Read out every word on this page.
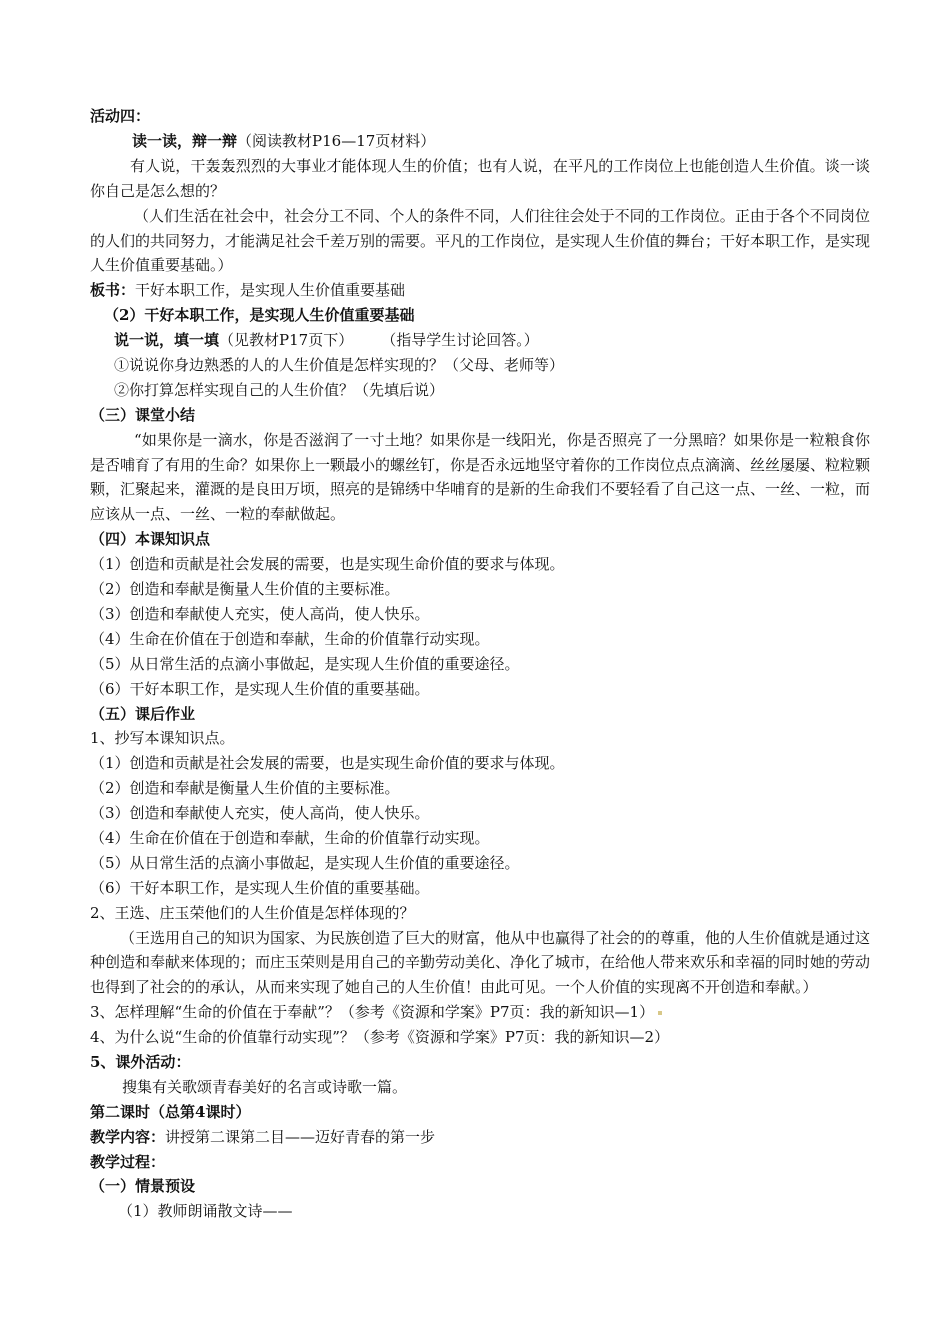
活动四：
读一读，辩一辩（阅读教材P16—17页材料）
有人说，干轰轰烈烈的大事业才能体现人生的价值；也有人说，在平凡的工作岗位上也能创造人生价值。谈一谈你自己是怎么想的？
（人们生活在社会中，社会分工不同、个人的条件不同，人们往往会处于不同的工作岗位。正由于各个不同岗位的人们的共同努力，才能满足社会千差万别的需要。平凡的工作岗位，是实现人生价值的舞台；干好本职工作，是实现人生价值重要基础。）
板书：干好本职工作，是实现人生价值重要基础
（2）干好本职工作，是实现人生价值重要基础
说一说，填一填（见教材P17页下） （指导学生讨论回答。）
①说说你身边熟悉的人的人生价值是怎样实现的？（父母、老师等）
②你打算怎样实现自己的人生价值？（先填后说）
（三）课堂小结
“如果你是一滴水，你是否滋润了一寸土地？如果你是一线阳光，你是否照亮了一分黑暗？如果你是一粒粮食你是否哺育了有用的生命？如果你上一颗最小的螺丝钉，你是否永远地坚守着你的工作岗位点点滴滴、丝丝屡屡、粒粒颗颗，汇聚起来，灌溉的是良田万顷，照亮的是锦绣中华哺育的是新的生命我们不要轻看了自己这一点、一丝、一粒，而应该从一点、一丝、一粒的奉献做起。
（四）本课知识点
（1）创造和贡献是社会发展的需要，也是实现生命价值的要求与体现。
（2）创造和奉献是衡量人生价值的主要标准。
（3）创造和奉献使人充实，使人高尚，使人快乐。
（4）生命在价值在于创造和奉献，生命的价值靠行动实现。
（5）从日常生活的点滴小事做起，是实现人生价值的重要途径。
（6）干好本职工作，是实现人生价值的重要基础。
（五）课后作业
1、抄写本课知识点。
（1）创造和贡献是社会发展的需要，也是实现生命价值的要求与体现。
（2）创造和奉献是衡量人生价值的主要标准。
（3）创造和奉献使人充实，使人高尚，使人快乐。
（4）生命在价值在于创造和奉献，生命的价值靠行动实现。
（5）从日常生活的点滴小事做起，是实现人生价值的重要途径。
（6）干好本职工作，是实现人生价值的重要基础。
2、王选、庄玉荣他们的人生价值是怎样体现的？
（王选用自己的知识为国家、为民族创造了巨大的财富，他从中也赢得了社会的的尊重，他的人生价值就是通过这种创造和奉献来体现的；而庄玉荣则是用自己的辛勤劳动美化、净化了城市，在给他人带来欢乐和幸福的同时她的劳动也得到了社会的的承认，从而来实现了她自己的人生价值！由此可见。一个人价值的实现离不开创造和奉献。）
3、怎样理解“生命的价值在于奉献”？（参考《资源和学案》P7页：我的新知识—1）
4、为什么说“生命的价值靠行动实现”？（参考《资源和学案》P7页：我的新知识—2）
5、课外活动：
搜集有关歌颂青春美好的名言或诗歌一篇。
第二课时（总第4课时）
教学内容：讲授第二课第二目——迈好青春的第一步
教学过程：
（一）情景预设
（1）教师朗诵散文诗——
